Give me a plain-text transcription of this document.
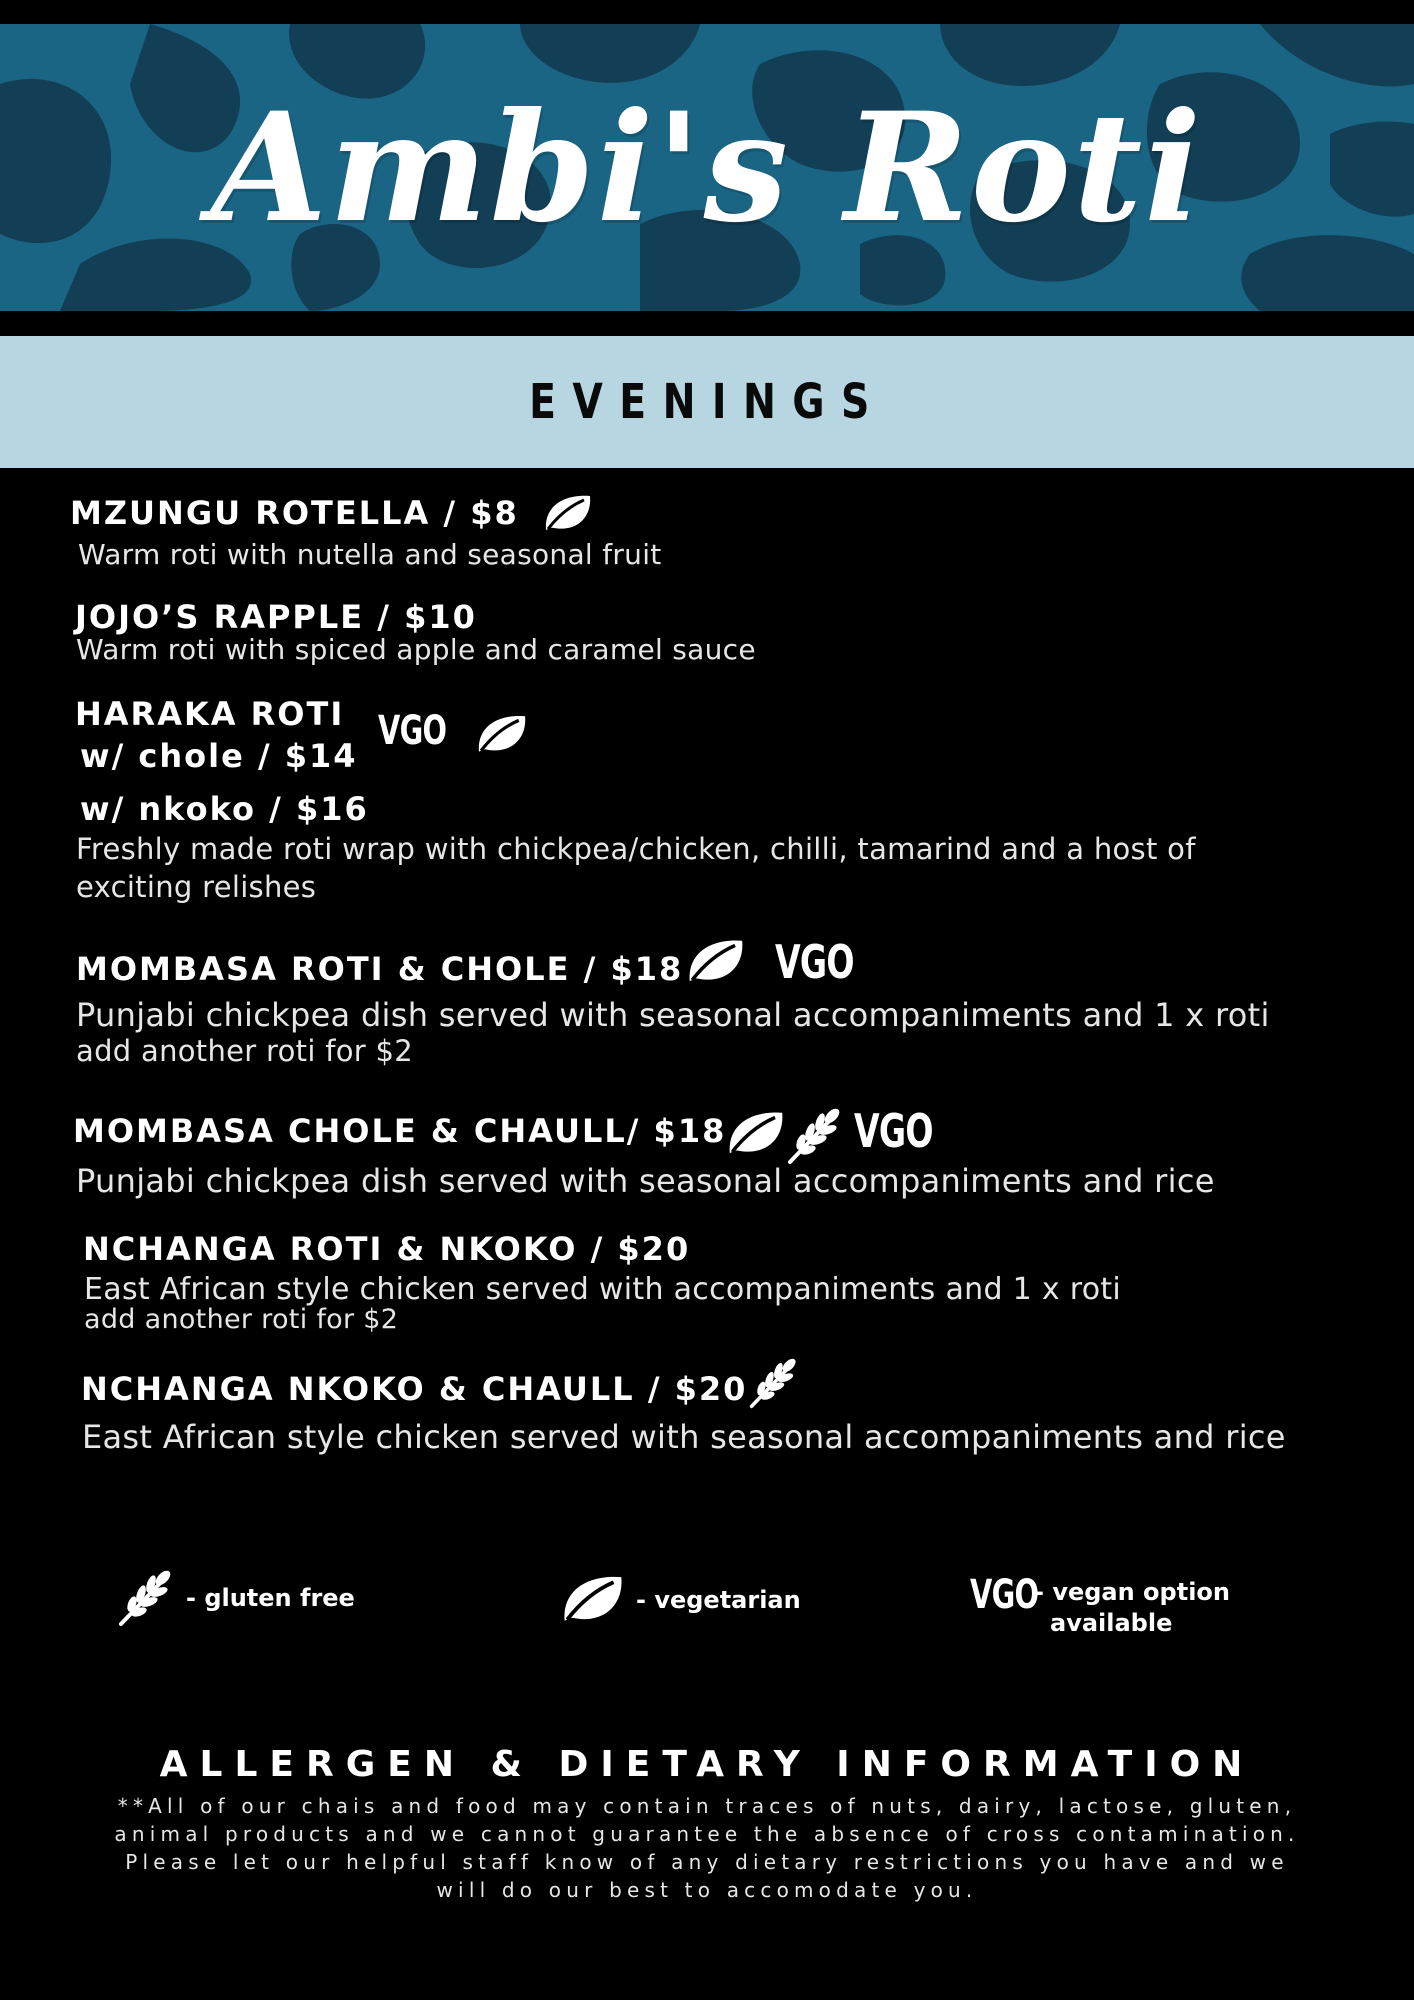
Ambi's Roti
EVENINGS
MZUNGU ROTELLA / $8
Warm roti with nutella and seasonal fruit
JOJO’S RAPPLE / $10
Warm roti with spiced apple and caramel sauce
HARAKA ROTI
w/ chole / $14
w/ nkoko / $16
VGO
Freshly made roti wrap with chickpea/chicken, chilli, tamarind and a host of
exciting relishes
MOMBASA ROTI & CHOLE / $18 VGO
Punjabi chickpea dish served with seasonal accompaniments and 1 x roti
add another roti for $2
MOMBASA CHOLE & CHAULL/ $18	VGO
Punjabi chickpea dish served with seasonal accompaniments and rice
NCHANGA ROTI & NKOKO / $20
East African style chicken served with accompaniments and 1 x roti
add another roti for $2
NCHANGA NKOKO & CHAULL / $20
East African style chicken served with seasonal accompaniments and rice
- gluten free	- vegetarian	VGO
- vegan option
available
ALLERGEN & DIETARY INFORMATION
**All of our chais and food may contain traces of nuts, dairy, lactose, gluten,
animal products and we cannot guarantee the absence of cross contamination.
Please let our helpful staff know of any dietary restrictions you have and we
will do our best to accomodate you.
